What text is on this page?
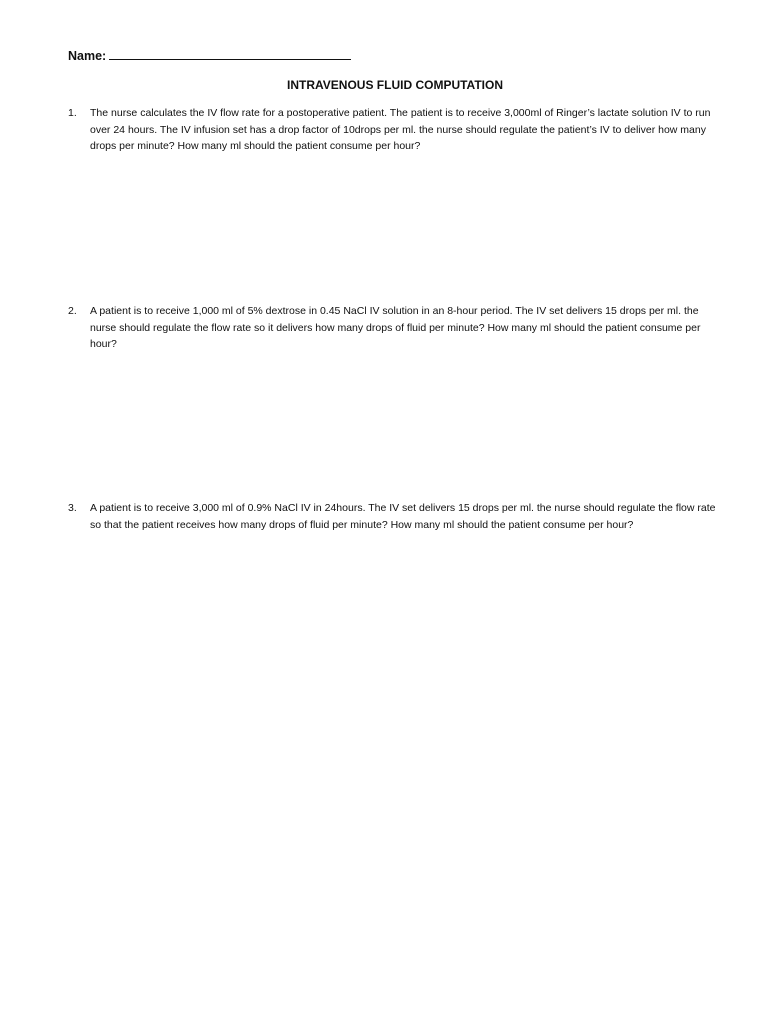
Name:
INTRAVENOUS FLUID COMPUTATION
1.	The nurse calculates the IV flow rate for a postoperative patient. The patient is to receive 3,000ml of Ringer’s lactate solution IV to run over 24 hours. The IV infusion set has a drop factor of 10drops per ml. the nurse should regulate the patient’s IV to deliver how many drops per minute? How many ml should the patient consume per hour?
2.	A patient is to receive 1,000 ml of 5% dextrose in 0.45 NaCl IV solution in an 8-hour period. The IV set delivers 15 drops per ml. the nurse should regulate the flow rate so it delivers how many drops of fluid per minute? How many ml should the patient consume per hour?
3.	A patient is to receive 3,000 ml of 0.9% NaCl IV in 24hours. The IV set delivers 15 drops per ml. the nurse should regulate the flow rate so that the patient receives how many drops of fluid per minute? How many ml should the patient consume per hour?
